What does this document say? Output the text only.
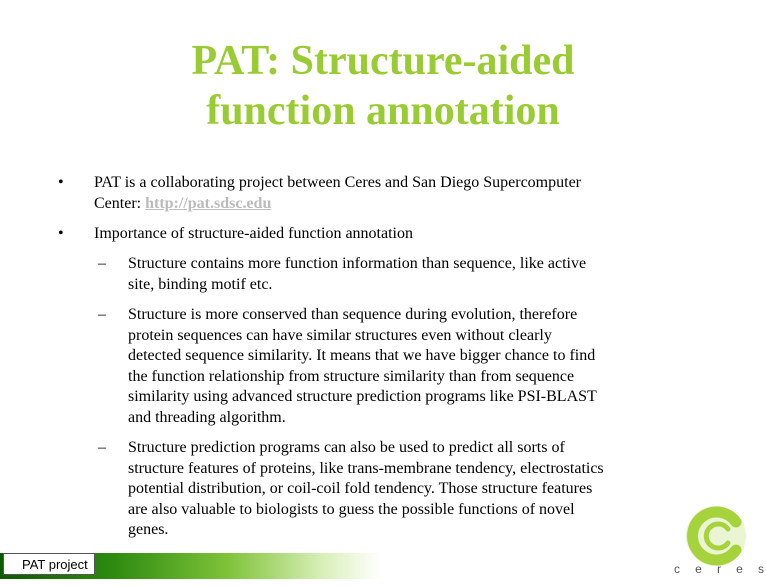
PAT: Structure-aided
function annotation
• PAT is a collaborating project between Ceres and San Diego Supercomputer
Center: http://pat.sdsc.edu
• Importance of structure-aided function annotation
– Structure contains more function information than sequence, like active
site, binding motif etc.
– Structure is more conserved than sequence during evolution, therefore
protein sequences can have similar structures even without clearly
detected sequence similarity. It means that we have bigger chance to find
the function relationship from structure similarity than from sequence
similarity using advanced structure prediction programs like PSI-BLAST
and threading algorithm.
– Structure prediction programs can also be used to predict all sorts of
structure features of proteins, like trans-membrane tendency, electrostatics
potential distribution, or coil-coil fold tendency. Those structure features
are also valuable to biologists to guess the possible functions of novel
genes.
PAT project	c e r e s
